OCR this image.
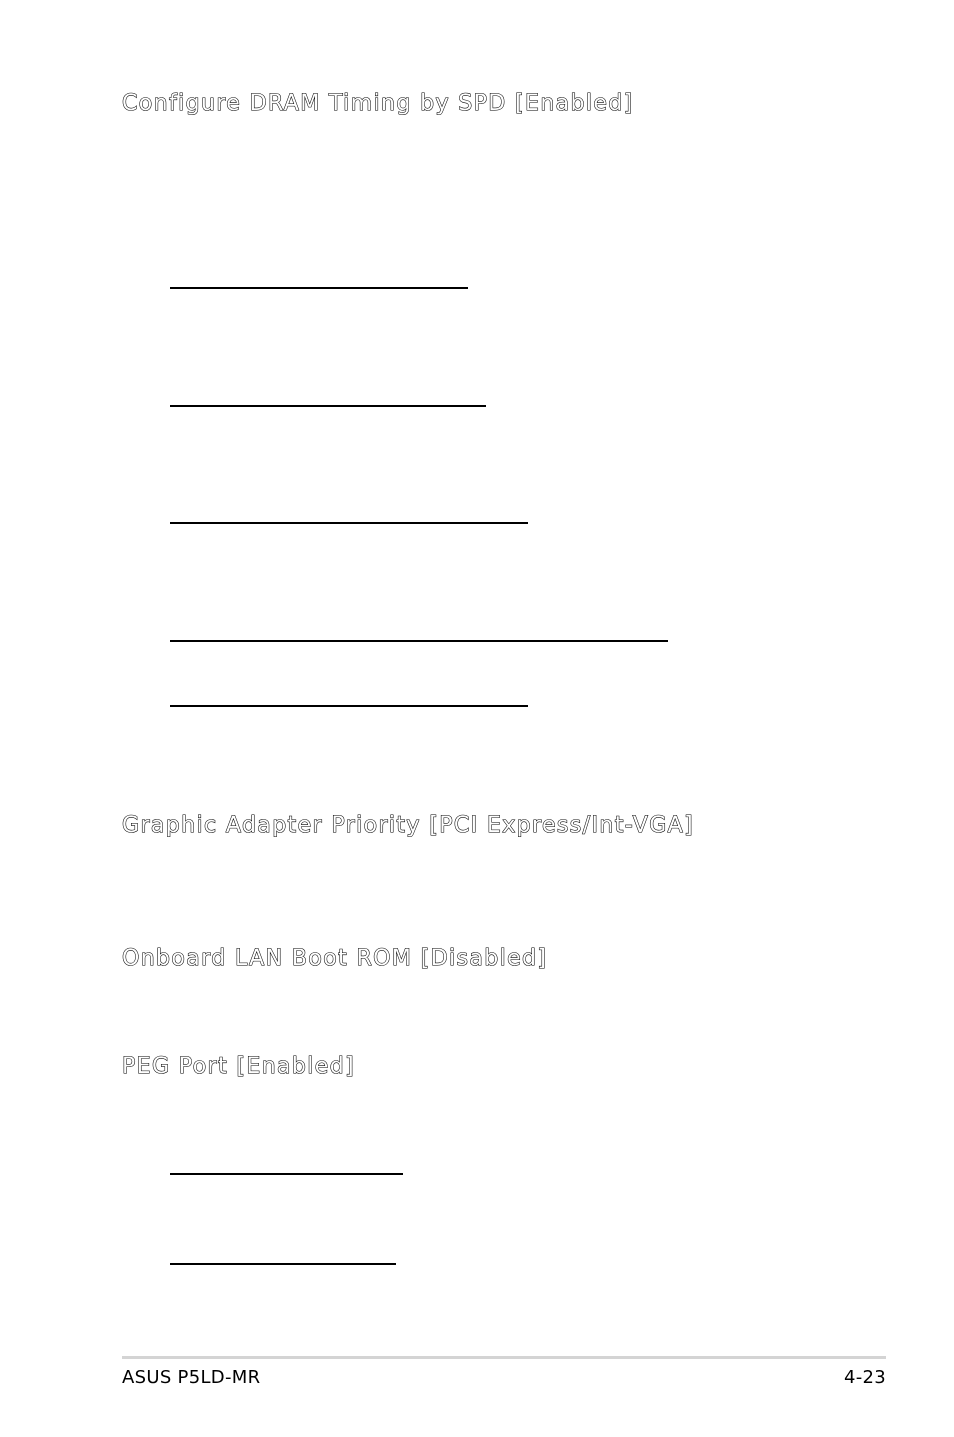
Configure DRAM Timing by SPD [Enabled]
Graphic Adapter Priority [PCI Express/Int-VGA]
Onboard LAN Boot ROM [Disabled]
PEG Port [Enabled]
ASUS P5LD-MR	4-23
